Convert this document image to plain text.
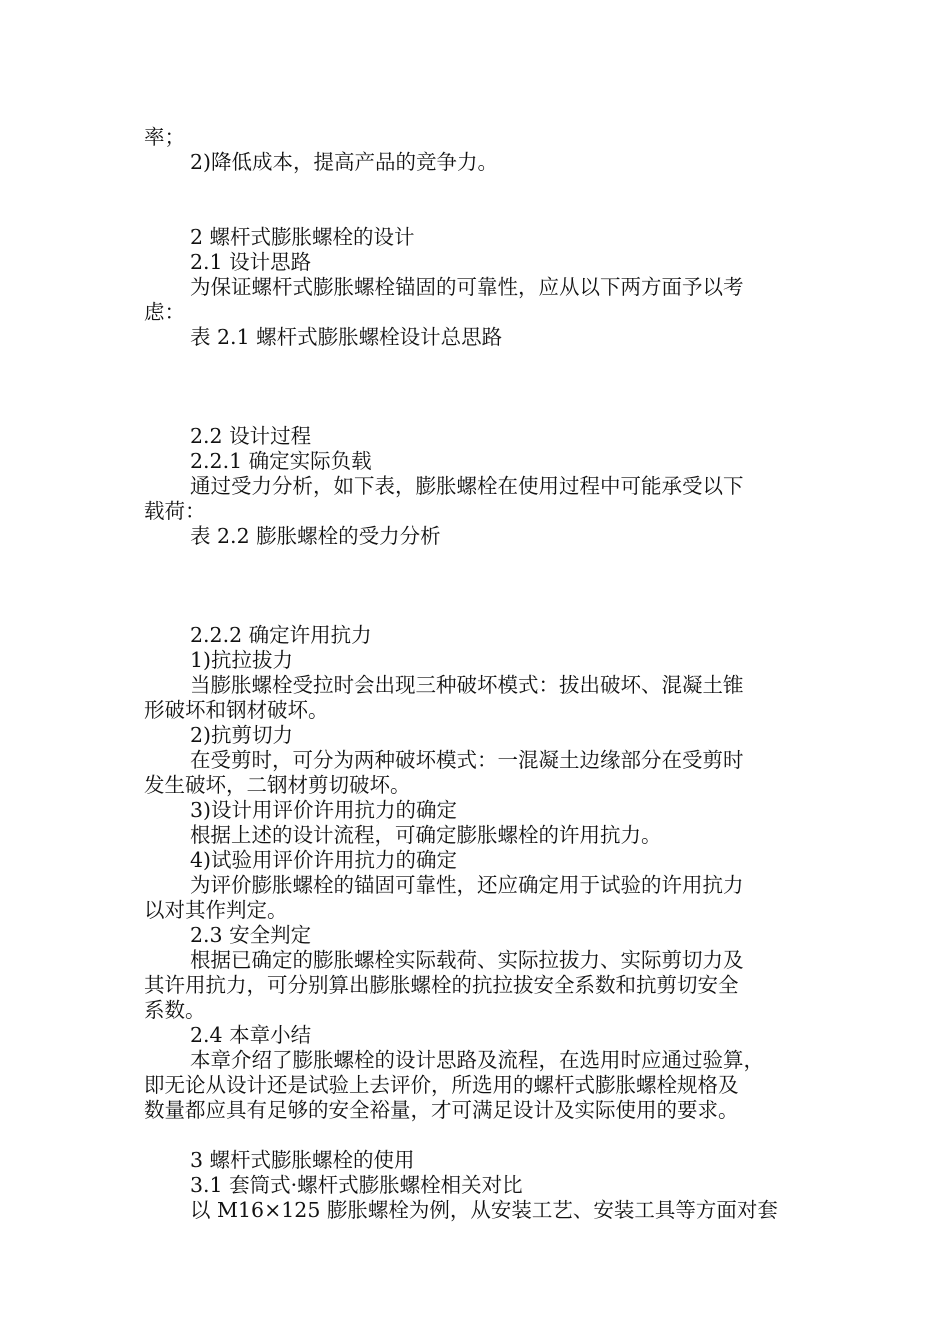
率；
2)降低成本，提高产品的竞争力。
2 螺杆式膨胀螺栓的设计
2.1 设计思路
为保证螺杆式膨胀螺栓锚固的可靠性，应从以下两方面予以考
虑：
表 2.1 螺杆式膨胀螺栓设计总思路
2.2 设计过程
2.2.1 确定实际负载
通过受力分析，如下表，膨胀螺栓在使用过程中可能承受以下
载荷：
表 2.2 膨胀螺栓的受力分析
2.2.2 确定许用抗力
1)抗拉拔力
当膨胀螺栓受拉时会出现三种破坏模式：拔出破坏、混凝土锥
形破坏和钢材破坏。
2)抗剪切力
在受剪时，可分为两种破坏模式：一混凝土边缘部分在受剪时
发生破坏，二钢材剪切破坏。
3)设计用评价许用抗力的确定
根据上述的设计流程，可确定膨胀螺栓的许用抗力。
4)试验用评价许用抗力的确定
为评价膨胀螺栓的锚固可靠性，还应确定用于试验的许用抗力
以对其作判定。
2.3 安全判定
根据已确定的膨胀螺栓实际载荷、实际拉拔力、实际剪切力及
其许用抗力，可分别算出膨胀螺栓的抗拉拔安全系数和抗剪切安全
系数。
2.4 本章小结
本章介绍了膨胀螺栓的设计思路及流程，在选用时应通过验算，
即无论从设计还是试验上去评价，所选用的螺杆式膨胀螺栓规格及
数量都应具有足够的安全裕量，才可满足设计及实际使用的要求。
3 螺杆式膨胀螺栓的使用
3.1 套筒式·螺杆式膨胀螺栓相关对比
以 M16×125 膨胀螺栓为例，从安装工艺、安装工具等方面对套
